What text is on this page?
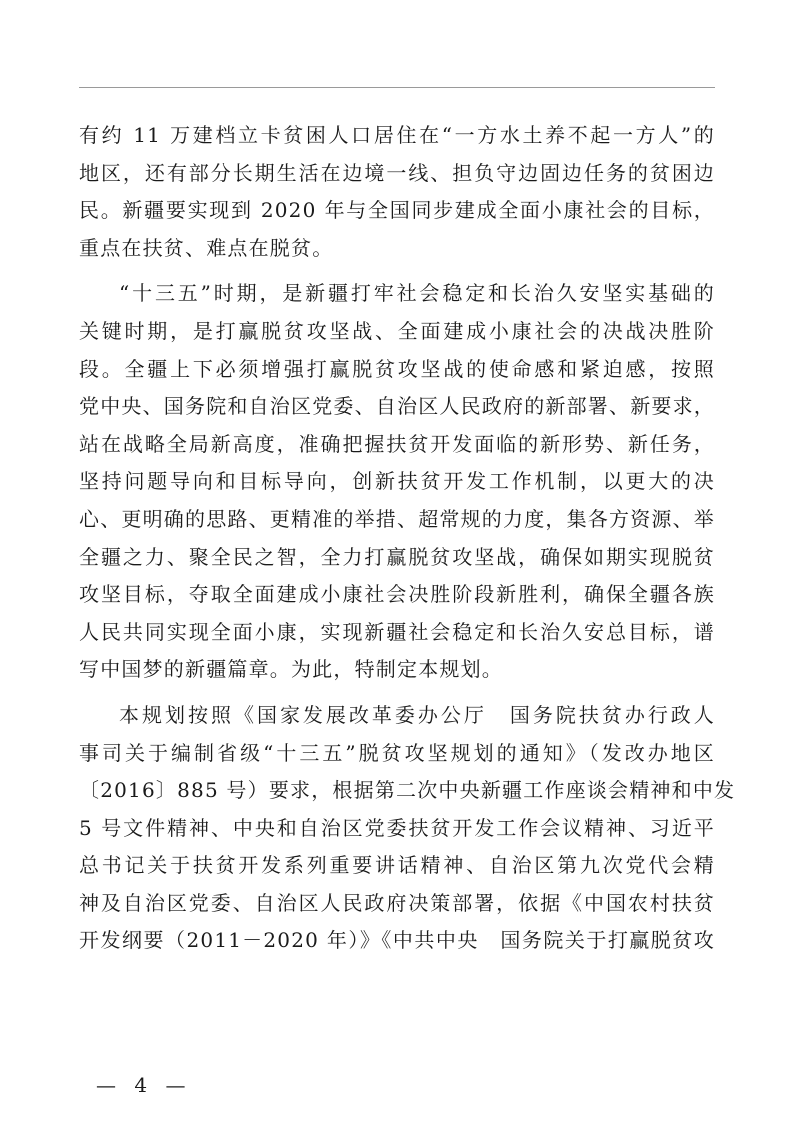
有约 11 万建档立卡贫困人口居住在“一方水土养不起一方人”的
地区，还有部分长期生活在边境一线、担负守边固边任务的贫困边
民。新疆要实现到 2020 年与全国同步建成全面小康社会的目标，
重点在扶贫、难点在脱贫。
“十三五”时期，是新疆打牢社会稳定和长治久安坚实基础的
关键时期，是打赢脱贫攻坚战、全面建成小康社会的决战决胜阶
段。全疆上下必须增强打赢脱贫攻坚战的使命感和紧迫感，按照
党中央、国务院和自治区党委、自治区人民政府的新部署、新要求，
站在战略全局新高度，准确把握扶贫开发面临的新形势、新任务，
坚持问题导向和目标导向，创新扶贫开发工作机制，以更大的决
心、更明确的思路、更精准的举措、超常规的力度，集各方资源、举
全疆之力、聚全民之智，全力打赢脱贫攻坚战，确保如期实现脱贫
攻坚目标，夺取全面建成小康社会决胜阶段新胜利，确保全疆各族
人民共同实现全面小康，实现新疆社会稳定和长治久安总目标，谱
写中国梦的新疆篇章。为此，特制定本规划。
本规划按照《国家发展改革委办公厅　国务院扶贫办行政人
事司关于编制省级“十三五”脱贫攻坚规划的通知》（发改办地区
〔2016〕885 号）要求，根据第二次中央新疆工作座谈会精神和中发
5 号文件精神、中央和自治区党委扶贫开发工作会议精神、习近平
总书记关于扶贫开发系列重要讲话精神、自治区第九次党代会精
神及自治区党委、自治区人民政府决策部署，依据《中国农村扶贫
开发纲要（2011－2020 年）》《中共中央　国务院关于打赢脱贫攻
— 4 —
